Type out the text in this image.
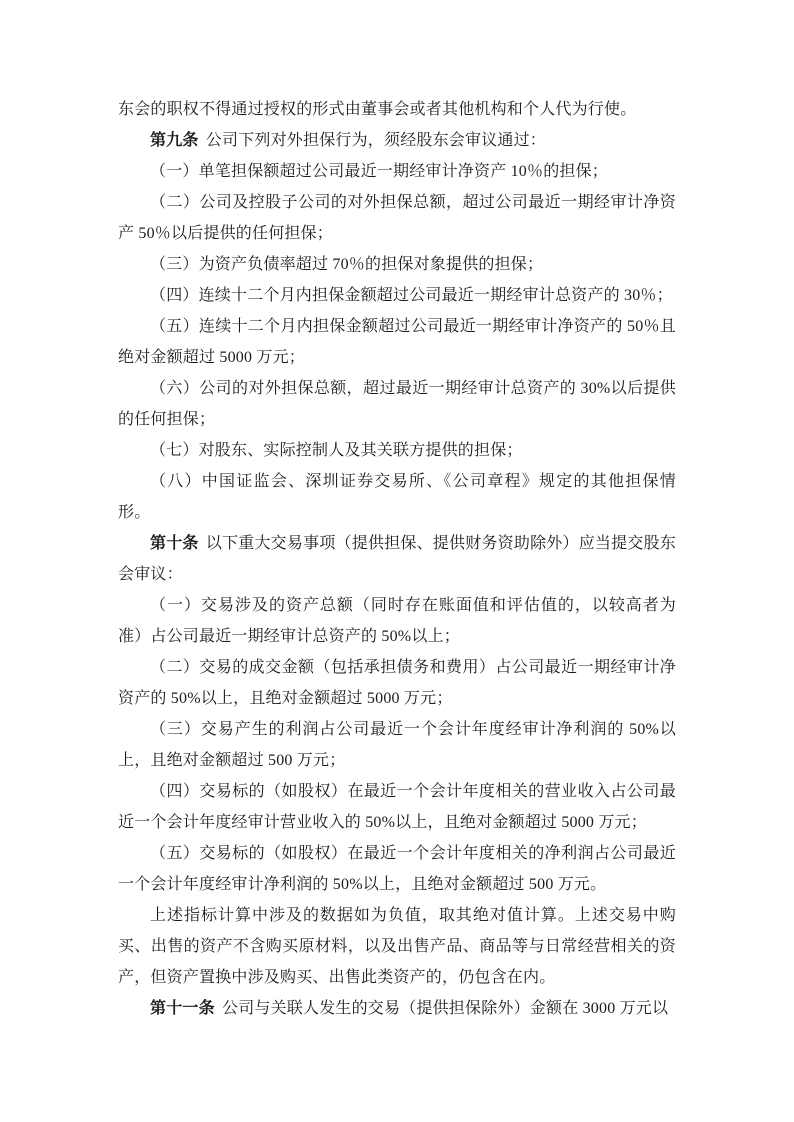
东会的职权不得通过授权的形式由董事会或者其他机构和个人代为行使。

第九条 公司下列对外担保行为，须经股东会审议通过：

（一）单笔担保额超过公司最近一期经审计净资产 10％的担保；

（二）公司及控股子公司的对外担保总额，超过公司最近一期经审计净资产 50％以后提供的任何担保；

（三）为资产负债率超过 70％的担保对象提供的担保；

（四）连续十二个月内担保金额超过公司最近一期经审计总资产的 30％；

（五）连续十二个月内担保金额超过公司最近一期经审计净资产的 50％且绝对金额超过 5000 万元；

（六）公司的对外担保总额，超过最近一期经审计总资产的 30%以后提供的任何担保；

（七）对股东、实际控制人及其关联方提供的担保；

（八）中国证监会、深圳证券交易所、《公司章程》规定的其他担保情形。

第十条 以下重大交易事项（提供担保、提供财务资助除外）应当提交股东会审议：

（一）交易涉及的资产总额（同时存在账面值和评估值的，以较高者为准）占公司最近一期经审计总资产的 50%以上；

（二）交易的成交金额（包括承担债务和费用）占公司最近一期经审计净资产的 50%以上，且绝对金额超过 5000 万元；

（三）交易产生的利润占公司最近一个会计年度经审计净利润的 50%以上，且绝对金额超过 500 万元；

（四）交易标的（如股权）在最近一个会计年度相关的营业收入占公司最近一个会计年度经审计营业收入的 50%以上，且绝对金额超过 5000 万元；

（五）交易标的（如股权）在最近一个会计年度相关的净利润占公司最近一个会计年度经审计净利润的 50%以上，且绝对金额超过 500 万元。

上述指标计算中涉及的数据如为负值，取其绝对值计算。上述交易中购买、出售的资产不含购买原材料，以及出售产品、商品等与日常经营相关的资产，但资产置换中涉及购买、出售此类资产的，仍包含在内。

第十一条 公司与关联人发生的交易（提供担保除外）金额在 3000 万元以
